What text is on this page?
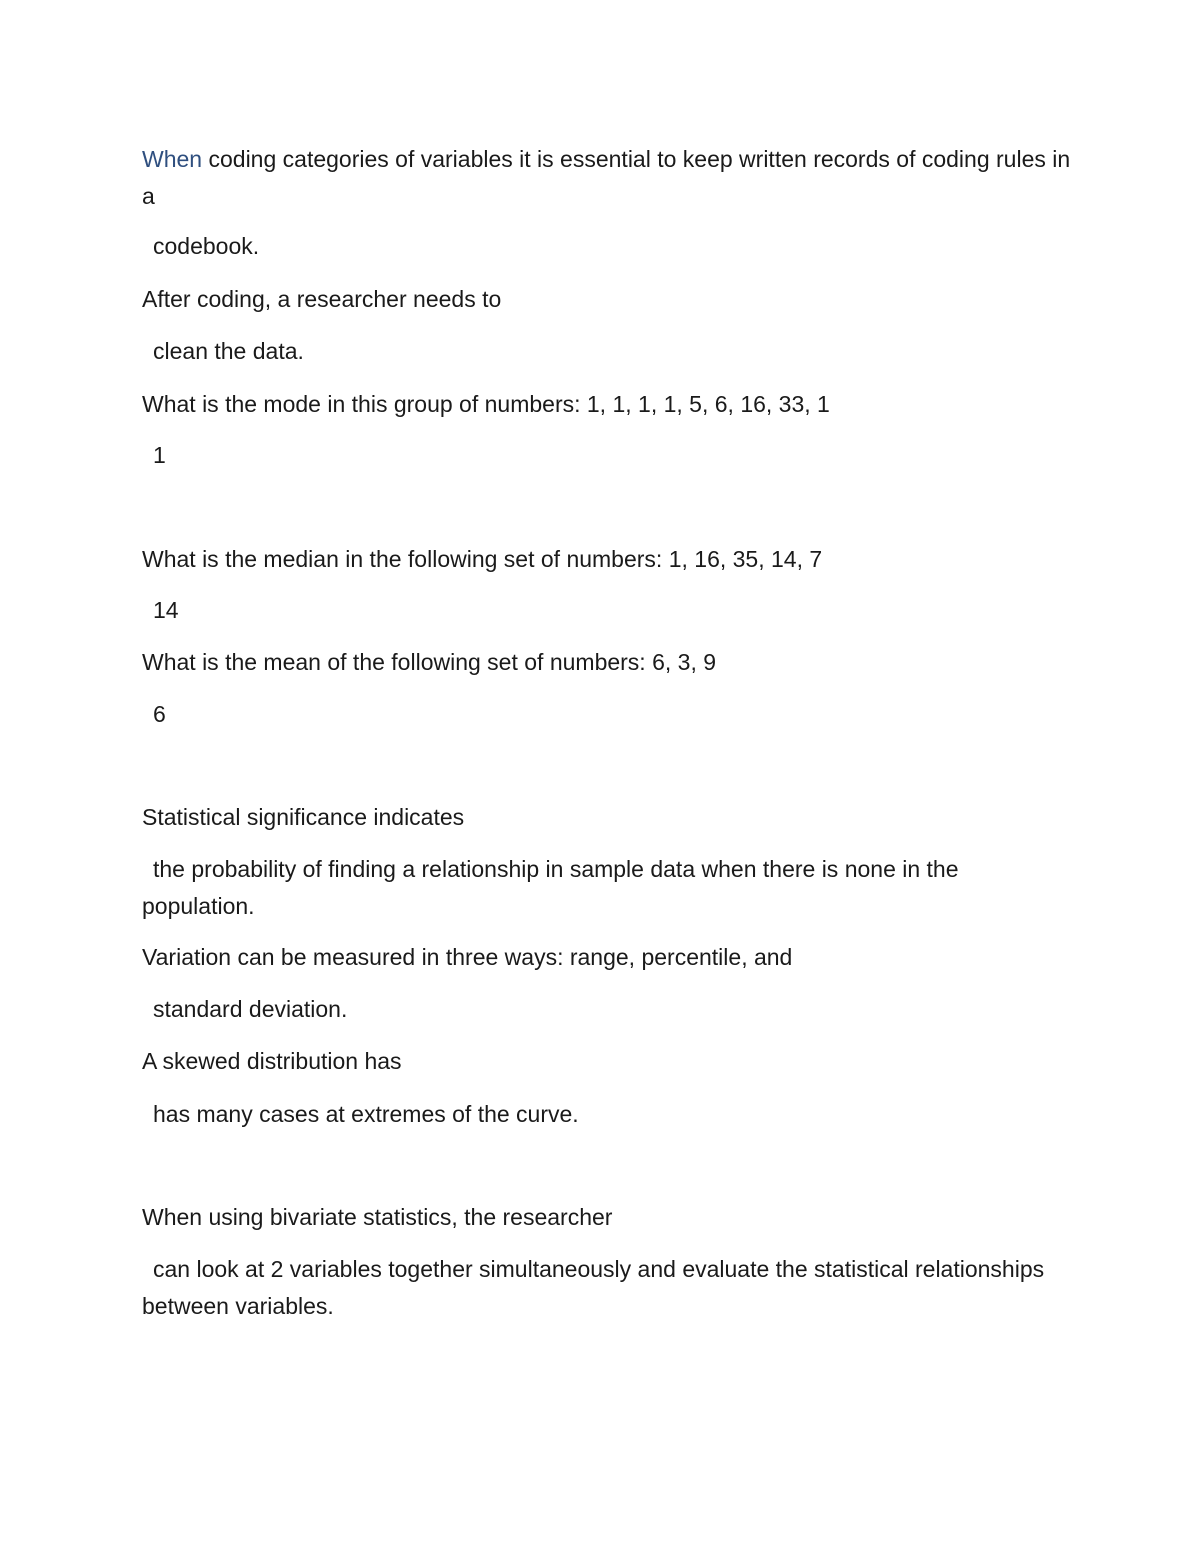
When coding categories of variables it is essential to keep written records of coding rules in a
codebook.
After coding, a researcher needs to
clean the data.
What is the mode in this group of numbers: 1, 1, 1, 1, 5, 6, 16, 33, 1
1
What is the median in the following set of numbers: 1, 16, 35, 14, 7
14
What is the mean of the following set of numbers: 6, 3, 9
6
Statistical significance indicates
the probability of finding a relationship in sample data when there is none in the population.
Variation can be measured in three ways: range, percentile, and
standard deviation.
A skewed distribution has
has many cases at extremes of the curve.
When using bivariate statistics, the researcher
can look at 2 variables together simultaneously and evaluate the statistical relationships between variables.
